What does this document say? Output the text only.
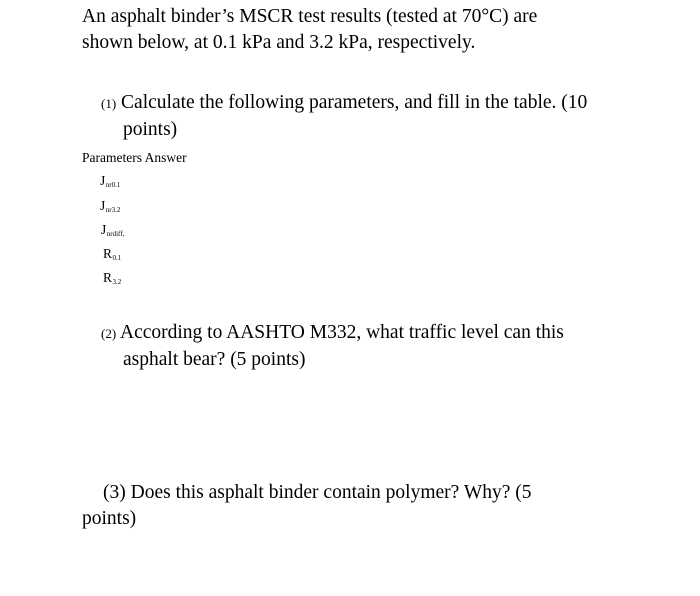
An asphalt binder’s MSCR test results (tested at 70°C) are
shown below, at 0.1 kPa and 3.2 kPa, respectively.
(1) Calculate the following parameters, and fill in the table. (10
points)
Parameters Answer
$J_{nr0.1}$
$J_{nr3.2}$
$J_{nrdiff,}$
$R_{0.1}$
$R_{3.2}$
(2) According to AASHTO M332, what traffic level can this
asphalt bear? (5 points)
(3) Does this asphalt binder contain polymer? Why? (5
points)
